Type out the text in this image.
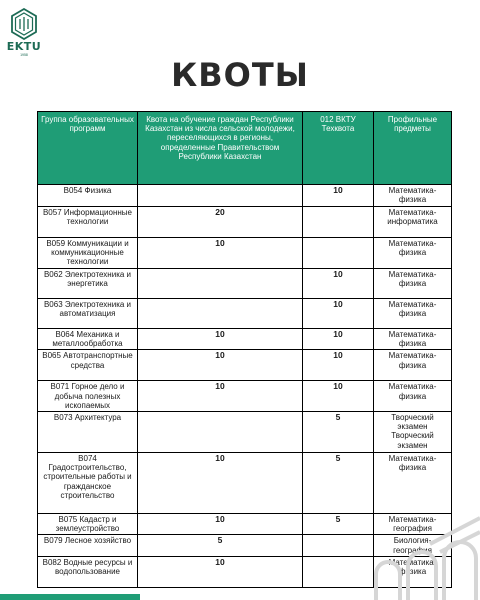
EKTU
1958
КВОТЫ
Группа образовательных программ	Квота на обучение граждан Республики Казахстан из числа сельской молодежи, переселяющихся в регионы, определенные Правительством Республики Казахстан	012 ВКТУ Техквота	Профильные предметы
B054 Физика		10	Математика-физика
B057 Информационные технологии	20		Математика-информатика
B059 Коммуникации и коммуникационные технологии	10		Математика-физика
B062 Электротехника и энергетика		10	Математика-физика
B063 Электротехника и автоматизация		10	Математика-физика
B064 Механика и металлообработка	10	10	Математика-физика
B065 Автотранспортные средства	10	10	Математика-физика
B071 Горное дело и добыча полезных ископаемых	10	10	Математика-физика
B073 Архитектура		5	Творческий экзамен Творческий экзамен
B074 Градостроительство, строительные работы и гражданское строительство	10	5	Математика-физика
B075 Кадастр и землеустройство	10	5	Математика-география
B079 Лесное хозяйство	5		Биология-география
B082 Водные ресурсы и водопользование	10		Математика-физика
